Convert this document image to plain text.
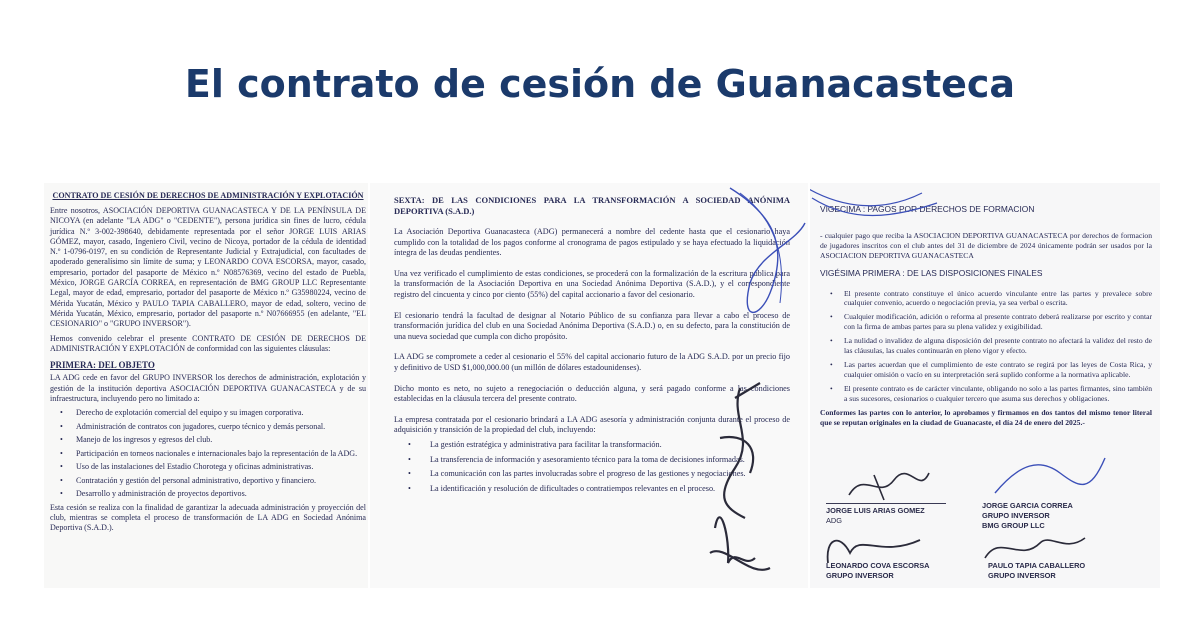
El contrato de cesión de Guanacasteca
CONTRATO DE CESIÓN DE DERECHOS DE ADMINISTRACIÓN Y EXPLOTACIÓN

Entre nosotros, ASOCIACIÓN DEPORTIVA GUANACASTECA Y DE LA PENÍNSULA DE NICOYA (en adelante "LA ADG" o "CEDENTE"), persona jurídica sin fines de lucro, cédula jurídica N.º 3-002-398640, debidamente representada por el señor JORGE LUIS ARIAS GÓMEZ, mayor, casado, Ingeniero Civil, vecino de Nicoya, portador de la cédula de identidad N.º 1-0796-0197, en su condición de Representante Judicial y Extrajudicial, con facultades de apoderado generalísimo sin límite de suma; y LEONARDO COVA ESCORSA, mayor, casado, empresario, portador del pasaporte de México n.º N08576369, vecino del estado de Puebla, México, JORGE GARCÍA CORREA, en representación de BMG GROUP LLC Representante Legal, mayor de edad, empresario, portador del pasaporte de México n.º G35980224, vecino de Mérida Yucatán, México y PAULO TAPIA CABALLERO, mayor de edad, soltero, vecino de Mérida Yucatán, México, empresario, portador del pasaporte n.º N07666955 (en adelante, "EL CESIONARIO" o "GRUPO INVERSOR").

Hemos convenido celebrar el presente CONTRATO DE CESIÓN DE DERECHOS DE ADMINISTRACIÓN Y EXPLOTACIÓN de conformidad con las siguientes cláusulas:

PRIMERA: DEL OBJETO

LA ADG cede en favor del GRUPO INVERSOR los derechos de administración, explotación y gestión de la institución deportiva ASOCIACIÓN DEPORTIVA GUANACASTECA y de su infraestructura, incluyendo pero no limitado a:

• Derecho de explotación comercial del equipo y su imagen corporativa.
• Administración de contratos con jugadores, cuerpo técnico y demás personal.
• Manejo de los ingresos y egresos del club.
• Participación en torneos nacionales e internacionales bajo la representación de la ADG.
• Uso de las instalaciones del Estadio Chorotega y oficinas administrativas.
• Contratación y gestión del personal administrativo, deportivo y financiero.
• Desarrollo y administración de proyectos deportivos.

Esta cesión se realiza con la finalidad de garantizar la adecuada administración y proyección del club, mientras se completa el proceso de transformación de LA ADG en Sociedad Anónima Deportiva (S.A.D.).

SEXTA: DE LAS CONDICIONES PARA LA TRANSFORMACIÓN A SOCIEDAD ANÓNIMA DEPORTIVA (S.A.D.)

La Asociación Deportiva Guanacasteca (ADG) permanecerá a nombre del cedente hasta que el cesionario haya cumplido con la totalidad de los pagos conforme al cronograma de pagos estipulado y se haya efectuado la liquidación íntegra de las deudas pendientes.

Una vez verificado el cumplimiento de estas condiciones, se procederá con la formalización de la escritura pública para la transformación de la Asociación Deportiva en una Sociedad Anónima Deportiva (S.A.D.), y el correspondiente registro del cincuenta y cinco por ciento (55%) del capital accionario a favor del cesionario.

El cesionario tendrá la facultad de designar al Notario Público de su confianza para llevar a cabo el proceso de transformación jurídica del club en una Sociedad Anónima Deportiva (S.A.D.) o, en su defecto, para la constitución de una nueva sociedad que cumpla con dicho propósito.

LA ADG se compromete a ceder al cesionario el 55% del capital accionario futuro de la ADG S.A.D. por un precio fijo y definitivo de USD $1,000,000.00 (un millón de dólares estadounidenses).

Dicho monto es neto, no sujeto a renegociación o deducción alguna, y será pagado conforme a las condiciones establecidas en la cláusula tercera del presente contrato.

La empresa contratada por el cesionario brindará a LA ADG asesoría y administración conjunta durante el proceso de adquisición y transición de la propiedad del club, incluyendo:

• La gestión estratégica y administrativa para facilitar la transformación.
• La transferencia de información y asesoramiento técnico para la toma de decisiones informadas.
• La comunicación con las partes involucradas sobre el progreso de las gestiones y negociaciones.
• La identificación y resolución de dificultades o contratiempos relevantes en el proceso.
VIGECIMA : PAGOS POR DERECHOS DE FORMACION

- cualquier pago que reciba la ASOCIACION DEPORTIVA GUANACASTECA por derechos de formacion de jugadores inscritos con el club antes del 31 de diciembre de 2024 únicamente podrán ser usados por la ASOCIACION DEPORTIVA GUANACASTECA

VIGÉSIMA PRIMERA : DE LAS DISPOSICIONES FINALES
• El presente contrato constituye el único acuerdo vinculante entre las partes y prevalece sobre cualquier convenio, acuerdo o negociación previa, ya sea verbal o escrita.
• Cualquier modificación, adición o reforma al presente contrato deberá realizarse por escrito y contar con la firma de ambas partes para su plena validez y exigibilidad.
• La nulidad o invalidez de alguna disposición del presente contrato no afectará la validez del resto de las cláusulas, las cuales continuarán en pleno vigor y efecto.
• Las partes acuerdan que el cumplimiento de este contrato se regirá por las leyes de Costa Rica, y cualquier omisión o vacío en su interpretación será suplido conforme a la normativa aplicable.
• El presente contrato es de carácter vinculante, obligando no solo a las partes firmantes, sino también a sus sucesores, cesionarios o cualquier tercero que asuma sus derechos y obligaciones.

Conformes las partes con lo anterior, lo aprobamos y firmamos en dos tantos del mismo tenor literal que se reputan originales en la ciudad de Guanacaste, el día 24 de enero del 2025.-

JORGE LUIS ARIAS GOMEZ
ADG
JORGE GARCIA CORREA
GRUPO INVERSOR
BMG GROUP LLC
LEONARDO COVA ESCORSA
GRUPO INVERSOR
PAULO TAPIA CABALLERO
GRUPO INVERSOR
